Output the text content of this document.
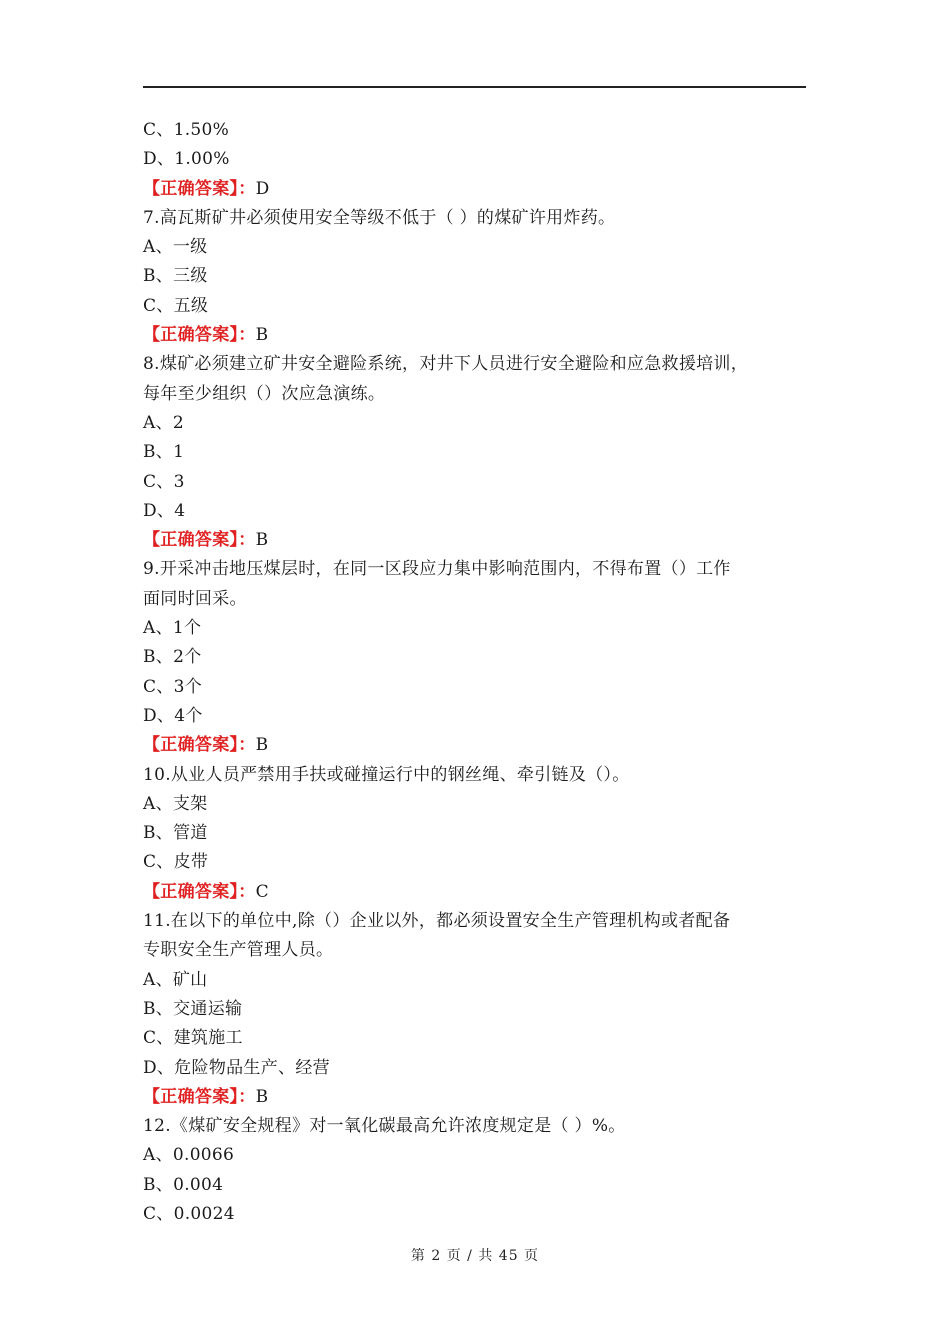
C、1.50%
D、1.00%
【正确答案】：D
7.高瓦斯矿井必须使用安全等级不低于（ ）的煤矿许用炸药。
A、一级
B、三级
C、五级
【正确答案】：B
8.煤矿必须建立矿井安全避险系统，对井下人员进行安全避险和应急救援培训，
每年至少组织（）次应急演练。
A、2
B、1
C、3
D、4
【正确答案】：B
9.开采冲击地压煤层时，在同一区段应力集中影响范围内，不得布置（）工作
面同时回采。
A、1个
B、2个
C、3个
D、4个
【正确答案】：B
10.从业人员严禁用手扶或碰撞运行中的钢丝绳、牵引链及（）。
A、支架
B、管道
C、皮带
【正确答案】：C
11.在以下的单位中,除（）企业以外，都必须设置安全生产管理机构或者配备
专职安全生产管理人员。
A、矿山
B、交通运输
C、建筑施工
D、危险物品生产、经营
【正确答案】：B
12.《煤矿安全规程》对一氧化碳最高允许浓度规定是（ ）%。
A、0.0066
B、0.004
C、0.0024
第 2 页 / 共 45 页
